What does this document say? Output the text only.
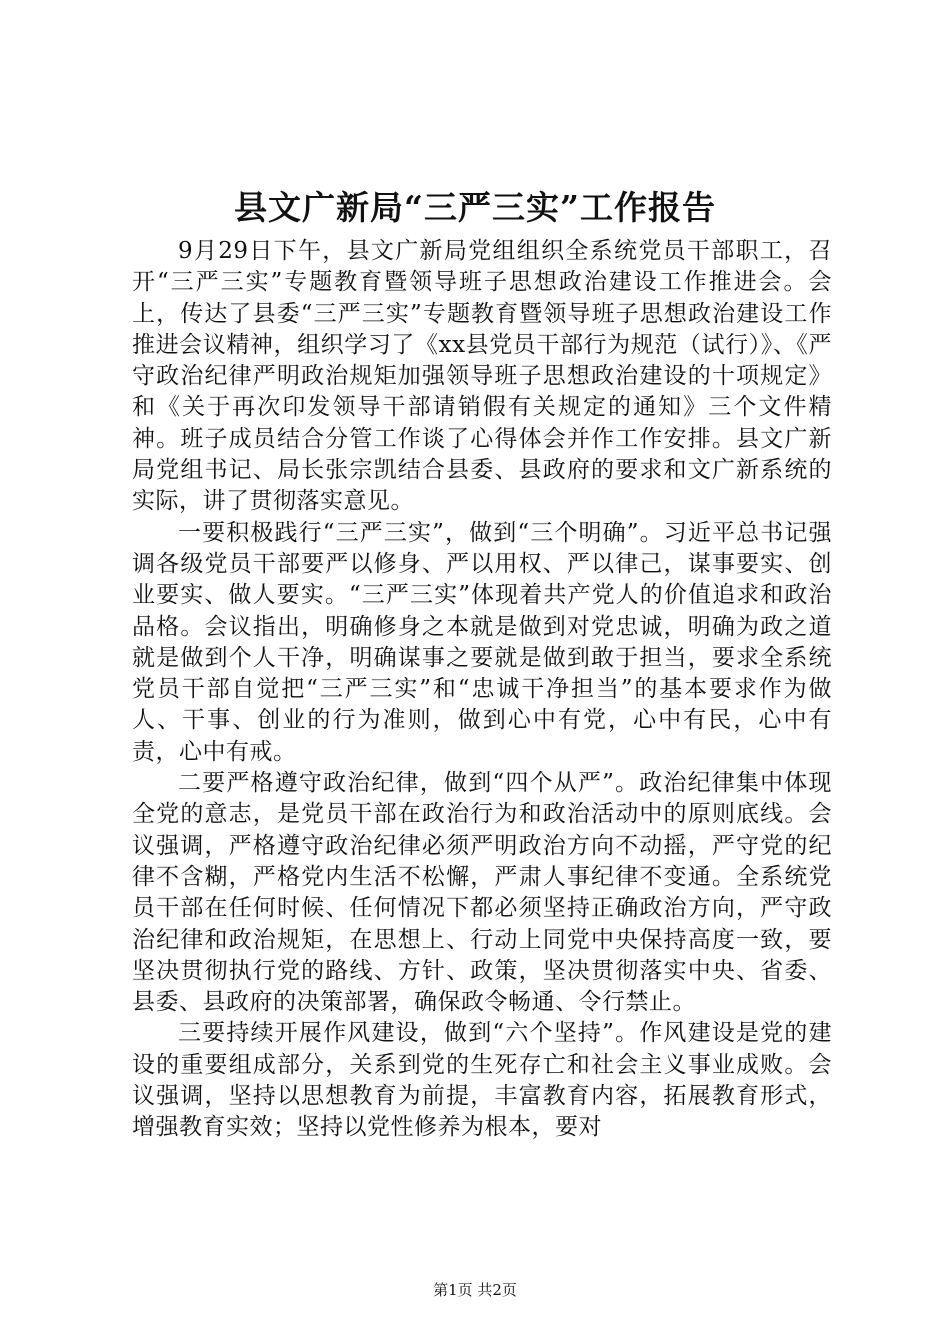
县文广新局“三严三实”工作报告

9月29日下午，县文广新局党组组织全系统党员干部职工，召开“三严三实”专题教育暨领导班子思想政治建设工作推进会。会上，传达了县委“三严三实”专题教育暨领导班子思想政治建设工作推进会议精神，组织学习了《xx县党员干部行为规范（试行）》、《严守政治纪律严明政治规矩加强领导班子思想政治建设的十项规定》和《关于再次印发领导干部请销假有关规定的通知》三个文件精神。班子成员结合分管工作谈了心得体会并作工作安排。县文广新局党组书记、局长张宗凯结合县委、县政府的要求和文广新系统的实际，讲了贯彻落实意见。

一要积极践行“三严三实”，做到“三个明确”。习近平总书记强调各级党员干部要严以修身、严以用权、严以律己，谋事要实、创业要实、做人要实。“三严三实”体现着共产党人的价值追求和政治品格。会议指出，明确修身之本就是做到对党忠诚，明确为政之道就是做到个人干净，明确谋事之要就是做到敢于担当，要求全系统党员干部自觉把“三严三实”和“忠诚干净担当”的基本要求作为做人、干事、创业的行为准则，做到心中有党，心中有民，心中有责，心中有戒。

二要严格遵守政治纪律，做到“四个从严”。政治纪律集中体现全党的意志，是党员干部在政治行为和政治活动中的原则底线。会议强调，严格遵守政治纪律必须严明政治方向不动摇，严守党的纪律不含糊，严格党内生活不松懈，严肃人事纪律不变通。全系统党员干部在任何时候、任何情况下都必须坚持正确政治方向，严守政治纪律和政治规矩，在思想上、行动上同党中央保持高度一致，要坚决贯彻执行党的路线、方针、政策，坚决贯彻落实中央、省委、县委、县政府的决策部署，确保政令畅通、令行禁止。

三要持续开展作风建设，做到“六个坚持”。作风建设是党的建设的重要组成部分，关系到党的生死存亡和社会主义事业成败。会议强调，坚持以思想教育为前提，丰富教育内容，拓展教育形式，增强教育实效；坚持以党性修养为根本，要对

第1页 共2页
